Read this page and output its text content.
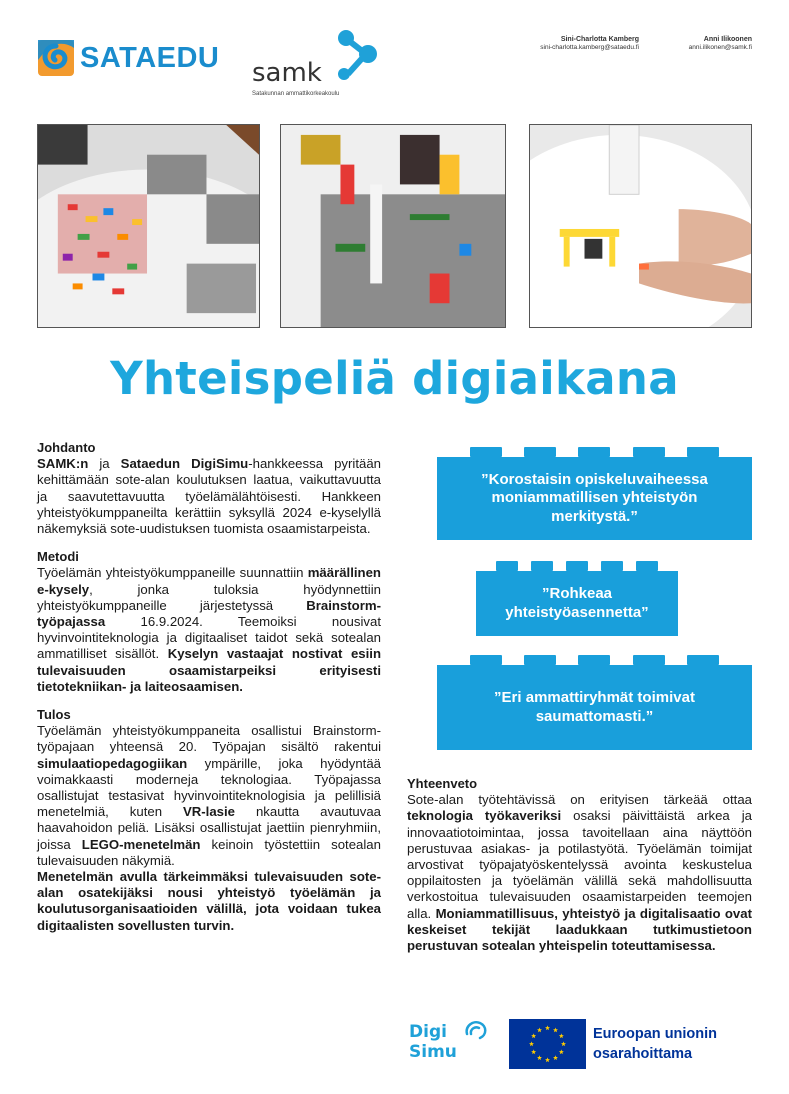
SATAEDU samk
Satakunnan ammattikorkeakoulu
Sini-Charlotta Kamberg
sini-charlotta.kamberg@sataedu.fi
Anni Ilikoonen
anni.ilikonen@samk.fi
Yhteispeliä digiaikana
Johdanto
SAMK:n ja Sataedun DigiSimu-hankkeessa pyritään kehittämään sote-alan koulutuksen laatua, vaikuttavuutta ja saavutettavuutta työelämälähtöisesti. Hankkeen yhteistyökumppaneilta kerättiin syksyllä 2024 e-kyselyllä näkemyksiä sote-uudistuksen tuomista osaamistarpeista.
Metodi
Työelämän yhteistyökumppaneille suunnattiin määrällinen e-kysely, jonka tuloksia hyödynnettiin yhteistyökumppaneille järjestetyssä Brainstorm-työpajassa 16.9.2024. Teemoiksi nousivat hyvinvointiteknologia ja digitaaliset taidot sekä sotealan ammatilliset sisällöt. Kyselyn vastaajat nostivat esiin tulevaisuuden osaamistarpeiksi erityisesti tietotekniikan- ja laiteosaamisen.
Tulos
Työelämän yhteistyökumppaneita osallistui Brainstorm-työpajaan yhteensä 20. Työpajan sisältö rakentui simulaatiopedagogiikan ympärille, joka hyödyntää voimakkaasti moderneja teknologiaa. Työpajassa osallistujat testasivat hyvinvointiteknologisia ja pelillisiä menetelmiä, kuten VR-lasie nkautta avautuvaa haavahoidon peliä. Lisäksi osallistujat jaettiin pienryhmiin, joissa LEGO-menetelmän keinoin työstettiin sotealan tulevaisuuden näkymiä.
Menetelmän avulla tärkeimmäksi tulevaisuuden sote-alan osatekijäksi nousi yhteistyö työelämän ja koulutusorganisaatioiden välillä, jota voidaan tukea digitaalisten sovellusten turvin.
”Korostaisin opiskeluvaiheessa moniammatillisen yhteistyön merkitystä.”
”Rohkeaa yhteistyöasennetta”
”Eri ammattiryhmät toimivat saumattomasti.”
Yhteenveto
Sote-alan työtehtävissä on erityisen tärkeää ottaa teknologia työkaveriksi osaksi päivittäistä arkea ja innovaatiotoimintaa, jossa tavoitellaan aina näyttöön perustuvaa asiakas- ja potilastyötä. Työelämän toimijat arvostivat työpajatyöskentelyssä avointa keskustelua oppilaitosten ja työelämän välillä sekä mahdollisuutta verkostoitua tulevaisuuden osaamistarpeiden teemojen alla. Moniammatillisuus, yhteistyö ja digitalisaatio ovat keskeiset tekijät laadukkaan tutkimustietoon perustuvan sotealan yhteispelin toteuttamisessa.
Digi
Simu
Euroopan unionin
osarahoittama
